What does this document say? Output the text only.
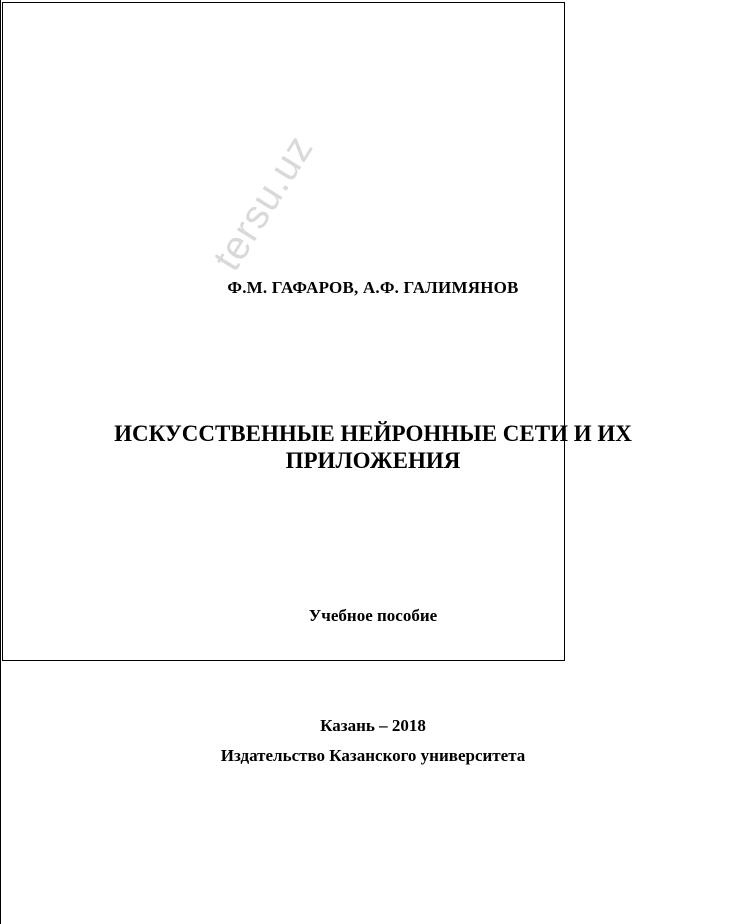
tersu.uz
Ф.М. ГАФАРОВ, А.Ф. ГАЛИМЯНОВ
ИСКУССТВЕННЫЕ НЕЙРОННЫЕ СЕТИ И ИХ
ПРИЛОЖЕНИЯ
Учебное пособие
Казань – 2018
Издательство Казанского университета
